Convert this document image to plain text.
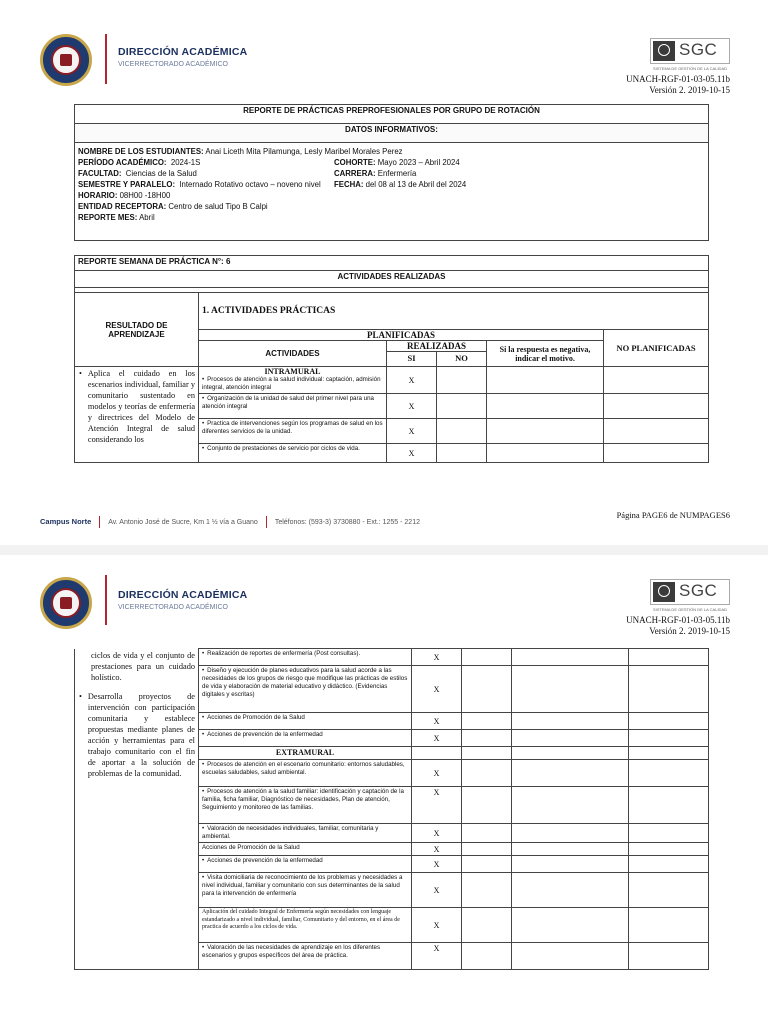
DIRECCIÓN ACADÉMICA
VICERRECTORADO ACADÉMICO
SGC
SISTEMA DE GESTIÓN DE LA CALIDAD
UNACH-RGF-01-03-05.11b
Versión 2. 2019-10-15
REPORTE DE PRÁCTICAS PREPROFESIONALES POR GRUPO DE ROTACIÓN
DATOS INFORMATIVOS:

NOMBRE DE LOS ESTUDIANTES: Anai Liceth Mita Pilamunga, Lesly Maribel Morales Perez
PERÍODO ACADÉMICO: 2024-1S	COHORTE: Mayo 2023 – Abril 2024
FACULTAD: Ciencias de la Salud	CARRERA: Enfermería
SEMESTRE Y PARALELO: Internado Rotativo octavo – noveno nivel FECHA: del 08 al 13 de Abril del 2024
HORARIO: 08H00 -18H00
ENTIDAD RECEPTORA: Centro de salud Tipo B Calpi
REPORTE MES: Abril
REPORTE SEMANA DE PRÁCTICA N°: 6					
ACTIVIDADES REALIZADAS					

RESULTADO DE APRENDIZAJE	1. ACTIVIDADES PRÁCTICAS				
	PLANIFICADAS				NO PLANIFICADAS
	ACTIVIDADES	REALIZADAS		Si la respuesta es negativa, indicar el motivo.	
		SI	NO		

• Aplica el cuidado en los escenarios individual, familiar y comunitario sustentado en modelos y teorías de enfermería y directrices del Modelo de Atención Integral de salud considerando los	INTRAMURAL
• Procesos de atención a la salud individual: captación, admisión integral, atención integral	X			
	• Organización de la unidad de salud del primer nivel para una atención integral	X			
	• Practica de intervenciones según los programas de salud en los diferentes servicios de la unidad.	X			
	• Conjunto de prestaciones de servicio por ciclos de vida.	X			
Página PAGE6 de NUMPAGES6
Campus Norte Av. Antonio José de Sucre, Km 1 ½ vía a Guano Teléfonos: (593-3) 3730880 - Ext.: 1255 - 2212
DIRECCIÓN ACADÉMICA
VICERRECTORADO ACADÉMICO
SGC
SISTEMA DE GESTIÓN DE LA CALIDAD
UNACH-RGF-01-03-05.11b
Versión 2. 2019-10-15
ciclos de vida y el conjunto de prestaciones para un cuidado holístico.
• Desarrolla proyectos de intervención con participación comunitaria y establece propuestas mediante planes de acción y herramientas para el trabajo comunitario con el fin de aportar a la solución de problemas de la comunidad.	• Realización de reportes de enfermería (Post consultas).	X			
	• Diseño y ejecución de planes educativos para la salud acorde a las necesidades de los grupos de riesgo que modifique las prácticas de estilos de vida y elaboración de material educativo y didáctico. (Evidencias digitales y escritas)	X			
	• Acciones de Promoción de la Salud	X			
	• Acciones de prevención de la enfermedad	X			
	EXTRAMURAL				
	• Procesos de atención en el escenario comunitario: entornos saludables, escuelas saludables, salud ambiental.	X			
	• Procesos de atención a la salud familiar: identificación y captación de la familia, ficha familiar, Diagnóstico de necesidades, Plan de atención, Seguimiento y monitoreo de las familias.	X			
	• Valoración de necesidades individuales, familiar, comunitaria y ambiental.	X			
	Acciones de Promoción de la Salud	X			
	• Acciones de prevención de la enfermedad	X			
	• Visita domiciliaria de reconocimiento de los problemas y necesidades a nivel individual, familiar y comunitario con sus determinantes de la salud para la intervención de enfermería	X			
	Aplicación del cuidado Integral de Enfermería según necesidades con lenguaje estandarizado a nivel individual, familiar, Comunitario y del entorno, en el área de practica de acuerdo a los ciclos de vida.	X			
	• Valoración de las necesidades de aprendizaje en los diferentes escenarios y grupos específicos del área de práctica.	X			
